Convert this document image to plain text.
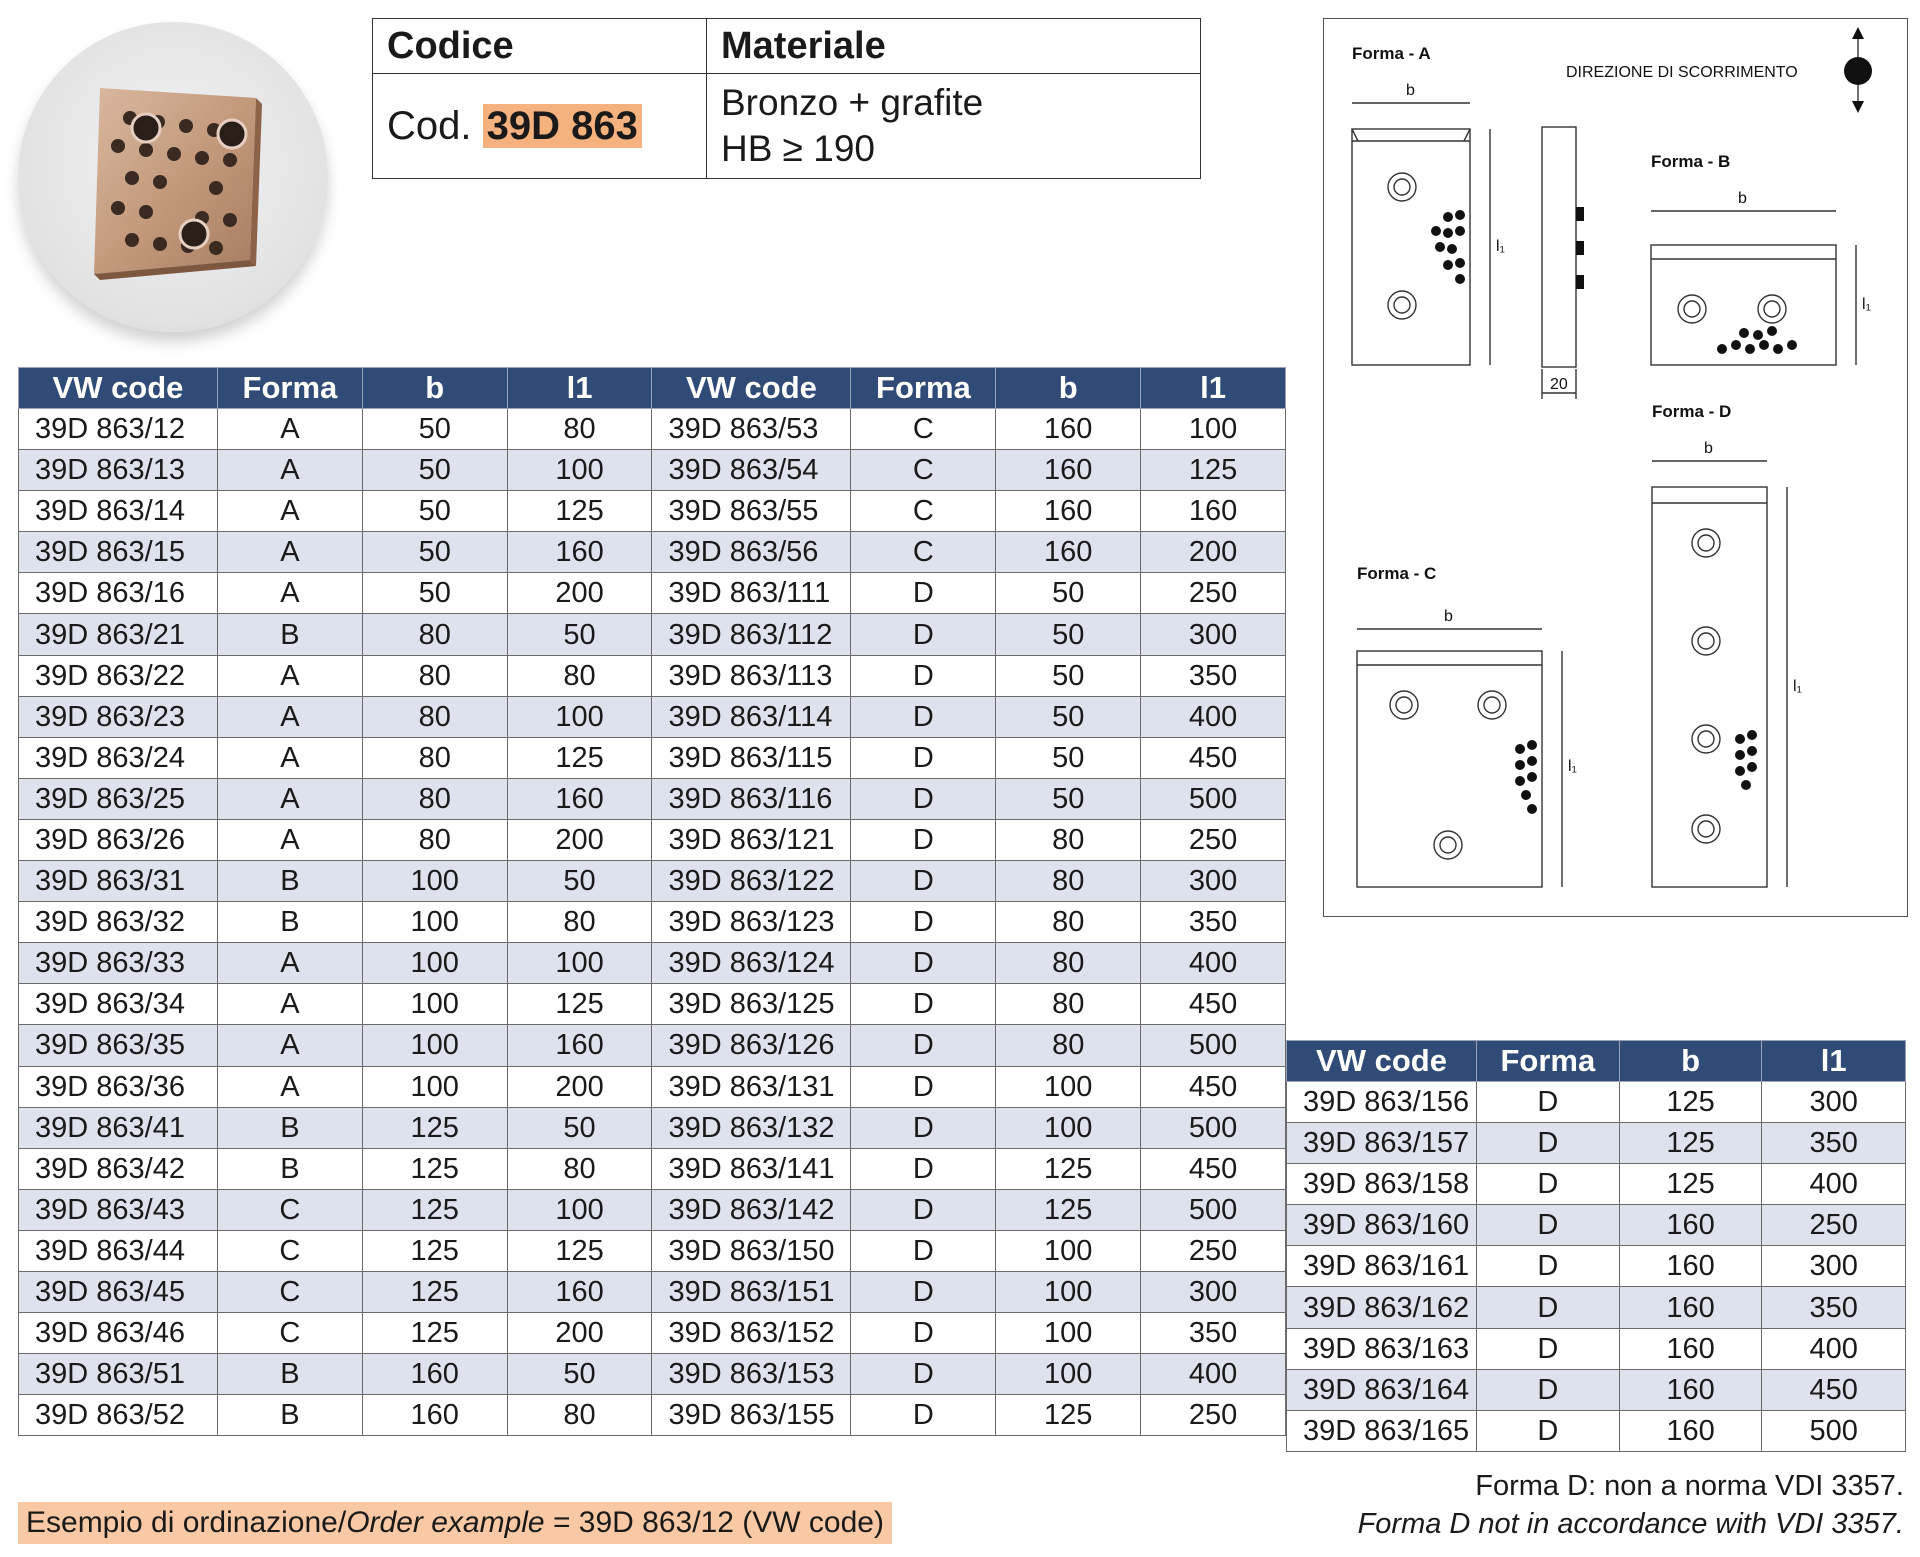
Codice	Materiale
Cod. 39D 863	Bronzo + grafite
HB ≥ 190
Forma - A
Forma - B
Forma - C
Forma - D
DIREZIONE DI SCORRIMENTO
b
b
b
b
l₁
l₁
l₁
l₁
20
VW code	Forma	b	l1	VW code	Forma	b	l1
39D 863/12	A	50	80	39D 863/53	C	160	100
39D 863/13	A	50	100	39D 863/54	C	160	125
39D 863/14	A	50	125	39D 863/55	C	160	160
39D 863/15	A	50	160	39D 863/56	C	160	200
39D 863/16	A	50	200	39D 863/111	D	50	250
39D 863/21	B	80	50	39D 863/112	D	50	300
39D 863/22	A	80	80	39D 863/113	D	50	350
39D 863/23	A	80	100	39D 863/114	D	50	400
39D 863/24	A	80	125	39D 863/115	D	50	450
39D 863/25	A	80	160	39D 863/116	D	50	500
39D 863/26	A	80	200	39D 863/121	D	80	250
39D 863/31	B	100	50	39D 863/122	D	80	300
39D 863/32	B	100	80	39D 863/123	D	80	350
39D 863/33	A	100	100	39D 863/124	D	80	400
39D 863/34	A	100	125	39D 863/125	D	80	450
39D 863/35	A	100	160	39D 863/126	D	80	500
39D 863/36	A	100	200	39D 863/131	D	100	450
39D 863/41	B	125	50	39D 863/132	D	100	500
39D 863/42	B	125	80	39D 863/141	D	125	450
39D 863/43	C	125	100	39D 863/142	D	125	500
39D 863/44	C	125	125	39D 863/150	D	100	250
39D 863/45	C	125	160	39D 863/151	D	100	300
39D 863/46	C	125	200	39D 863/152	D	100	350
39D 863/51	B	160	50	39D 863/153	D	100	400
39D 863/52	B	160	80	39D 863/155	D	125	250
VW code	Forma	b	l1
39D 863/156	D	125	300
39D 863/157	D	125	350
39D 863/158	D	125	400
39D 863/160	D	160	250
39D 863/161	D	160	300
39D 863/162	D	160	350
39D 863/163	D	160	400
39D 863/164	D	160	450
39D 863/165	D	160	500
Esempio di ordinazione/Order example = 39D 863/12 (VW code)
Forma D: non a norma VDI 3357.
Forma D not in accordance with VDI 3357.
